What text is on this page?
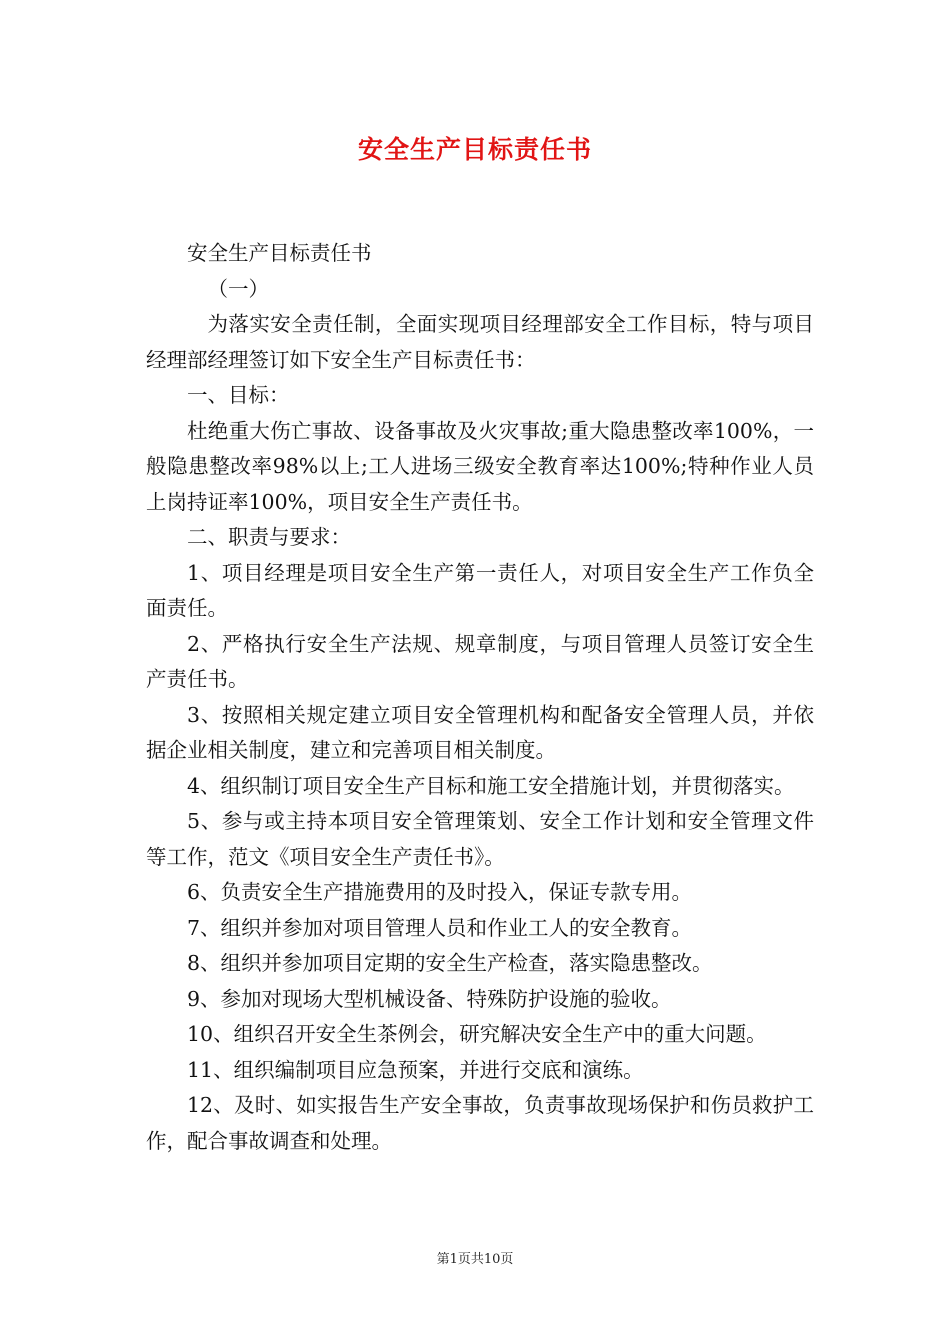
安全生产目标责任书

安全生产目标责任书

（一）

为落实安全责任制，全面实现项目经理部安全工作目标，特与项目经理部经理签订如下安全生产目标责任书：

一、目标：

杜绝重大伤亡事故、设备事故及火灾事故;重大隐患整改率100%，一般隐患整改率98%以上;工人进场三级安全教育率达100%;特种作业人员上岗持证率100%，项目安全生产责任书。

二、职责与要求：

1、项目经理是项目安全生产第一责任人，对项目安全生产工作负全面责任。

2、严格执行安全生产法规、规章制度，与项目管理人员签订安全生产责任书。

3、按照相关规定建立项目安全管理机构和配备安全管理人员，并依据企业相关制度，建立和完善项目相关制度。

4、组织制订项目安全生产目标和施工安全措施计划，并贯彻落实。

5、参与或主持本项目安全管理策划、安全工作计划和安全管理文件等工作，范文《项目安全生产责任书》。

6、负责安全生产措施费用的及时投入，保证专款专用。

7、组织并参加对项目管理人员和作业工人的安全教育。

8、组织并参加项目定期的安全生产检查，落实隐患整改。

9、参加对现场大型机械设备、特殊防护设施的验收。

10、组织召开安全生茶例会，研究解决安全生产中的重大问题。

11、组织编制项目应急预案，并进行交底和演练。

12、及时、如实报告生产安全事故，负责事故现场保护和伤员救护工作，配合事故调查和处理。

第1页共10页
